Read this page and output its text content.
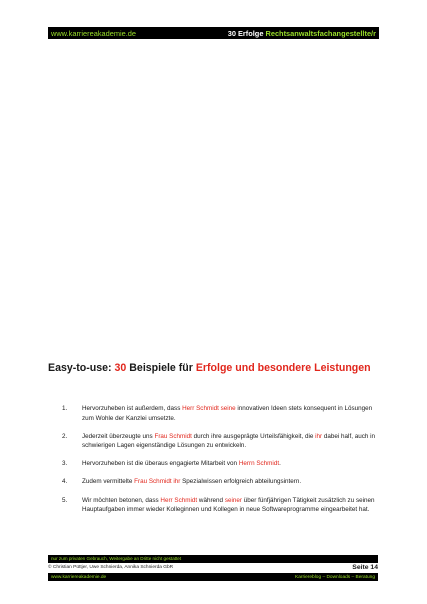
www.karriereakademie.de	30 Erfolge Rechtsanwaltsfachangestellte/r
Easy-to-use: 30 Beispiele für Erfolge und besondere Leistungen
1.	Hervorzuheben ist außerdem, dass Herr Schmidt seine innovativen Ideen stets konsequent in Lösungen zum Wohle der Kanzlei umsetzte.
2.	Jederzeit überzeugte uns Frau Schmidt durch ihre ausgeprägte Urteilsfähigkeit, die ihr dabei half, auch in schwierigen Lagen eigenständige Lösungen zu entwickeln.
3.	Hervorzuheben ist die überaus engagierte Mitarbeit von Herrn Schmidt.
4.	Zudem vermittelte Frau Schmidt ihr Spezialwissen erfolgreich abteilungsintern.
5.	Wir möchten betonen, dass Herr Schmidt während seiner über fünfjährigen Tätigkeit zusätzlich zu seinen Hauptaufgaben immer wieder Kolleginnen und Kollegen in neue Softwareprogramme eingearbeitet hat.
nur zum privaten Gebrauch, Weitergabe an Dritte nicht gestattet
© Christian Püttjer, Uwe Schnierda, Annika Schnierda GbR	Seite 14
www.karriereakademie.de	Karriereblog – Downloads – Beratung
